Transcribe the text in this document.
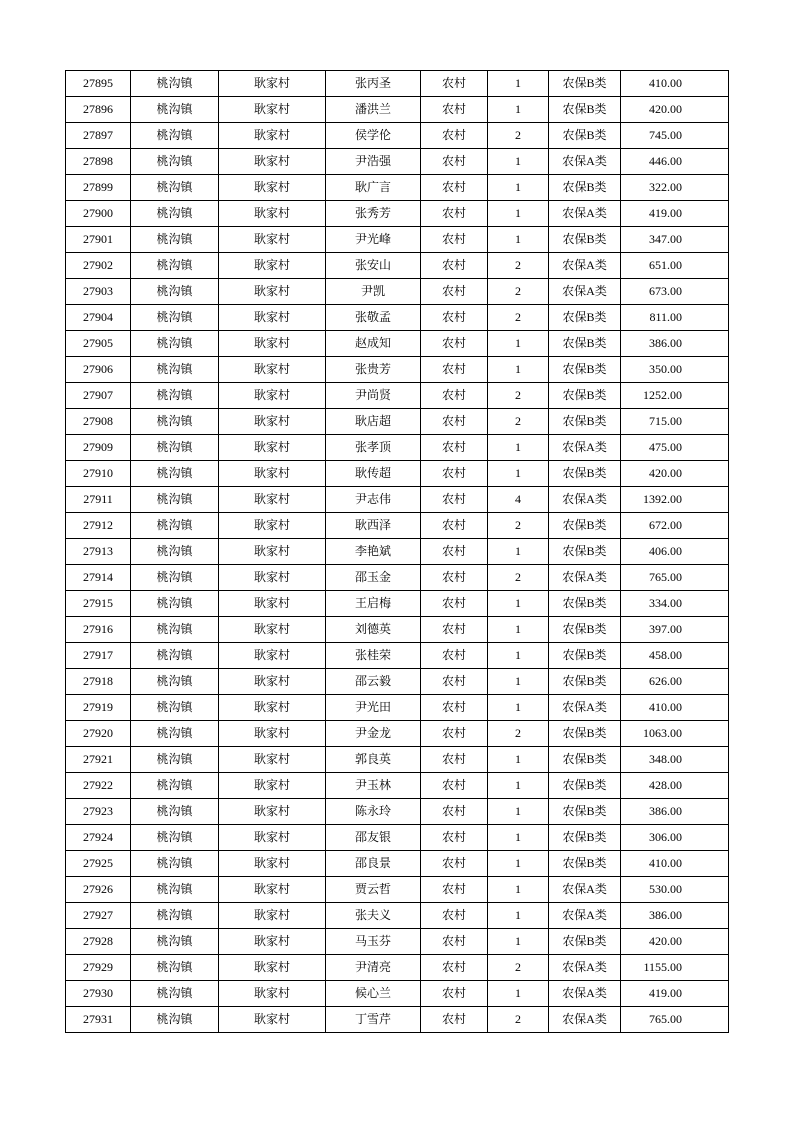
27895	桃沟镇	耿家村	张丙圣	农村	1	农保B类	410.00
27896	桃沟镇	耿家村	潘洪兰	农村	1	农保B类	420.00
27897	桃沟镇	耿家村	侯学伦	农村	2	农保B类	745.00
27898	桃沟镇	耿家村	尹浩强	农村	1	农保A类	446.00
27899	桃沟镇	耿家村	耿广言	农村	1	农保B类	322.00
27900	桃沟镇	耿家村	张秀芳	农村	1	农保A类	419.00
27901	桃沟镇	耿家村	尹光峰	农村	1	农保B类	347.00
27902	桃沟镇	耿家村	张安山	农村	2	农保A类	651.00
27903	桃沟镇	耿家村	尹凯	农村	2	农保A类	673.00
27904	桃沟镇	耿家村	张敬孟	农村	2	农保B类	811.00
27905	桃沟镇	耿家村	赵成知	农村	1	农保B类	386.00
27906	桃沟镇	耿家村	张贵芳	农村	1	农保B类	350.00
27907	桃沟镇	耿家村	尹尚贤	农村	2	农保B类	1252.00
27908	桃沟镇	耿家村	耿店超	农村	2	农保B类	715.00
27909	桃沟镇	耿家村	张孝顶	农村	1	农保A类	475.00
27910	桃沟镇	耿家村	耿传超	农村	1	农保B类	420.00
27911	桃沟镇	耿家村	尹志伟	农村	4	农保A类	1392.00
27912	桃沟镇	耿家村	耿西泽	农村	2	农保B类	672.00
27913	桃沟镇	耿家村	李艳斌	农村	1	农保B类	406.00
27914	桃沟镇	耿家村	邵玉金	农村	2	农保A类	765.00
27915	桃沟镇	耿家村	王启梅	农村	1	农保B类	334.00
27916	桃沟镇	耿家村	刘德英	农村	1	农保B类	397.00
27917	桃沟镇	耿家村	张桂荣	农村	1	农保B类	458.00
27918	桃沟镇	耿家村	邵云毅	农村	1	农保B类	626.00
27919	桃沟镇	耿家村	尹光田	农村	1	农保A类	410.00
27920	桃沟镇	耿家村	尹金龙	农村	2	农保B类	1063.00
27921	桃沟镇	耿家村	郭良英	农村	1	农保B类	348.00
27922	桃沟镇	耿家村	尹玉林	农村	1	农保B类	428.00
27923	桃沟镇	耿家村	陈永玲	农村	1	农保B类	386.00
27924	桃沟镇	耿家村	邵友银	农村	1	农保B类	306.00
27925	桃沟镇	耿家村	邵良景	农村	1	农保B类	410.00
27926	桃沟镇	耿家村	贾云哲	农村	1	农保A类	530.00
27927	桃沟镇	耿家村	张夫义	农村	1	农保A类	386.00
27928	桃沟镇	耿家村	马玉芬	农村	1	农保B类	420.00
27929	桃沟镇	耿家村	尹清亮	农村	2	农保A类	1155.00
27930	桃沟镇	耿家村	候心兰	农村	1	农保A类	419.00
27931	桃沟镇	耿家村	丁雪芹	农村	2	农保A类	765.00
